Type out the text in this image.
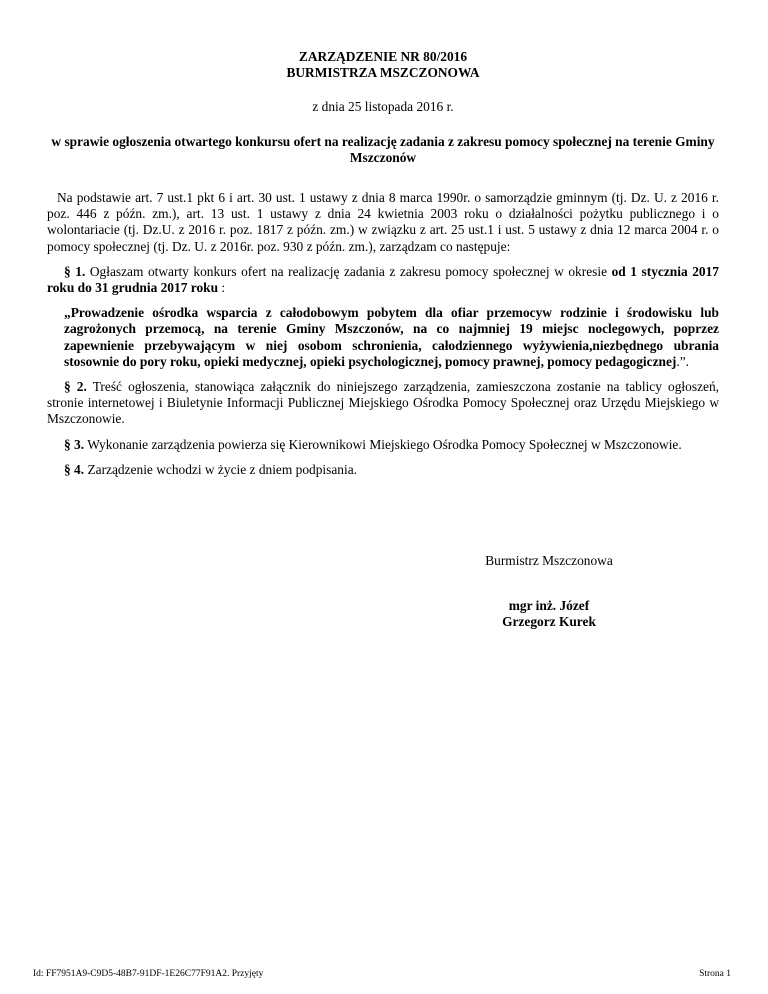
ZARZĄDZENIE NR 80/2016
BURMISTRZA MSZCZONOWA
z dnia 25 listopada 2016 r.
w sprawie ogłoszenia otwartego konkursu ofert na realizację zadania z zakresu pomocy społecznej na terenie Gminy Mszczonów
Na podstawie art. 7 ust.1 pkt 6 i art. 30 ust. 1 ustawy z dnia 8 marca 1990r. o samorządzie gminnym (tj. Dz. U. z 2016 r. poz. 446 z późn. zm.), art. 13 ust. 1 ustawy z dnia 24 kwietnia 2003 roku o działalności pożytku publicznego i o wolontariacie (tj. Dz.U. z 2016 r. poz. 1817 z późn. zm.) w związku z art. 25 ust.1 i ust. 5 ustawy z dnia 12 marca 2004 r. o pomocy społecznej (tj. Dz. U. z 2016r. poz. 930 z późn. zm.), zarządzam co następuje:
§ 1. Ogłaszam otwarty konkurs ofert na realizację zadania z zakresu pomocy społecznej w okresie od 1 stycznia 2017 roku do 31 grudnia 2017 roku :
„Prowadzenie ośrodka wsparcia z całodobowym pobytem dla ofiar przemocyw rodzinie i środowisku lub zagrożonych przemocą, na terenie Gminy Mszczonów, na co najmniej 19 miejsc noclegowych, poprzez zapewnienie przebywającym w niej osobom schronienia, całodziennego wyżywienia,niezbędnego ubrania stosownie do pory roku, opieki medycznej, opieki psychologicznej, pomocy prawnej, pomocy pedagogicznej.”.
§ 2. Treść ogłoszenia, stanowiąca załącznik do niniejszego zarządzenia, zamieszczona zostanie na tablicy ogłoszeń, stronie internetowej i Biuletynie Informacji Publicznej Miejskiego Ośrodka Pomocy Społecznej oraz Urzędu Miejskiego w Mszczonowie.
§ 3. Wykonanie zarządzenia powierza się Kierownikowi Miejskiego Ośrodka Pomocy Społecznej w Mszczonowie.
§ 4. Zarządzenie wchodzi w życie z dniem podpisania.
Burmistrz Mszczonowa
mgr inż. Józef
Grzegorz Kurek
Id: FF7951A9-C9D5-48B7-91DF-1E26C77F91A2. Przyjęty	Strona 1
